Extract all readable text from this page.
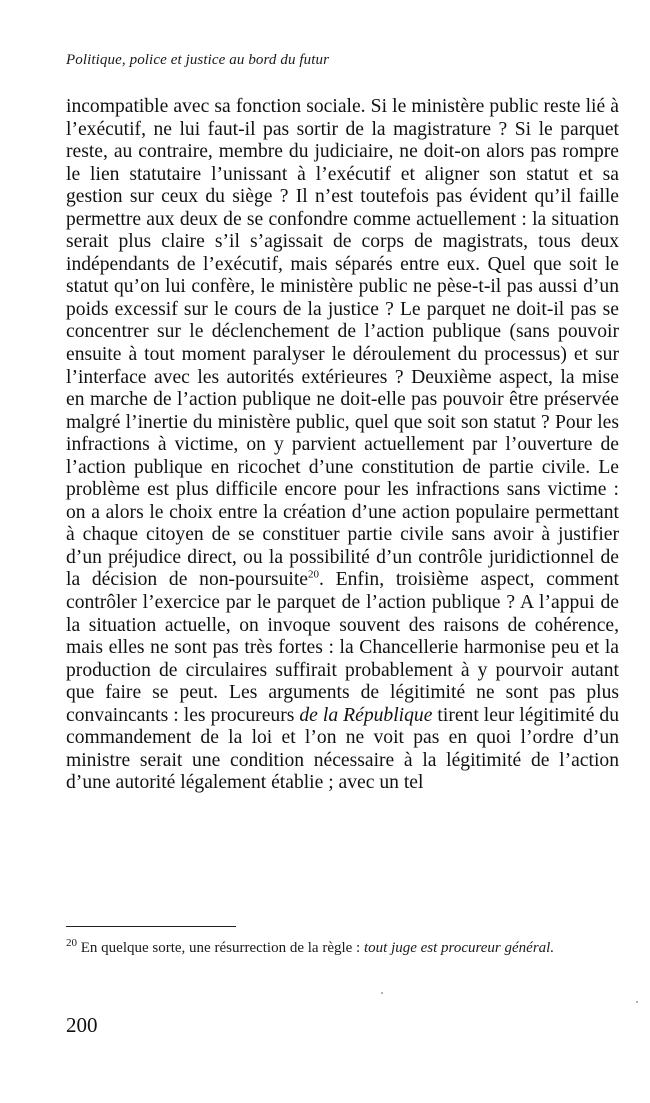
Politique, police et justice au bord du futur
incompatible avec sa fonction sociale. Si le ministère public reste lié à l’exécutif, ne lui faut-il pas sortir de la magistrature ? Si le parquet reste, au contraire, membre du judiciaire, ne doit-on alors pas rompre le lien statutaire l’unissant à l’exécutif et aligner son statut et sa gestion sur ceux du siège ? Il n’est toutefois pas évident qu’il faille permettre aux deux de se confondre comme actuellement : la situation serait plus claire s’il s’agissait de corps de magistrats, tous deux indépendants de l’exécutif, mais séparés entre eux. Quel que soit le statut qu’on lui confère, le ministère public ne pèse-t-il pas aussi d’un poids excessif sur le cours de la justice ? Le parquet ne doit-il pas se concentrer sur le déclenchement de l’action publique (sans pouvoir ensuite à tout moment paralyser le déroulement du processus) et sur l’interface avec les autorités extérieures ? Deuxième aspect, la mise en marche de l’action publique ne doit-elle pas pouvoir être préservée malgré l’inertie du ministère public, quel que soit son statut ? Pour les infractions à victime, on y parvient actuellement par l’ouverture de l’action publique en ricochet d’une constitution de partie civile. Le problème est plus difficile encore pour les infractions sans victime : on a alors le choix entre la création d’une action populaire permettant à chaque citoyen de se constituer partie civile sans avoir à justifier d’un préjudice direct, ou la possibilité d’un contrôle juridictionnel de la décision de non-poursuite$^{20}$. Enfin, troisième aspect, comment contrôler l’exercice par le parquet de l’action publique ? A l’appui de la situation actuelle, on invoque souvent des raisons de cohérence, mais elles ne sont pas très fortes : la Chancellerie harmonise peu et la production de circulaires suffirait probablement à y pourvoir autant que faire se peut. Les arguments de légitimité ne sont pas plus convaincants : les procureurs de la République tirent leur légitimité du commandement de la loi et l’on ne voit pas en quoi l’ordre d’un ministre serait une condition nécessaire à la légitimité de l’action d’une autorité légalement établie ; avec un tel
$^{20}$ En quelque sorte, une résurrection de la règle : tout juge est procureur général.
200
